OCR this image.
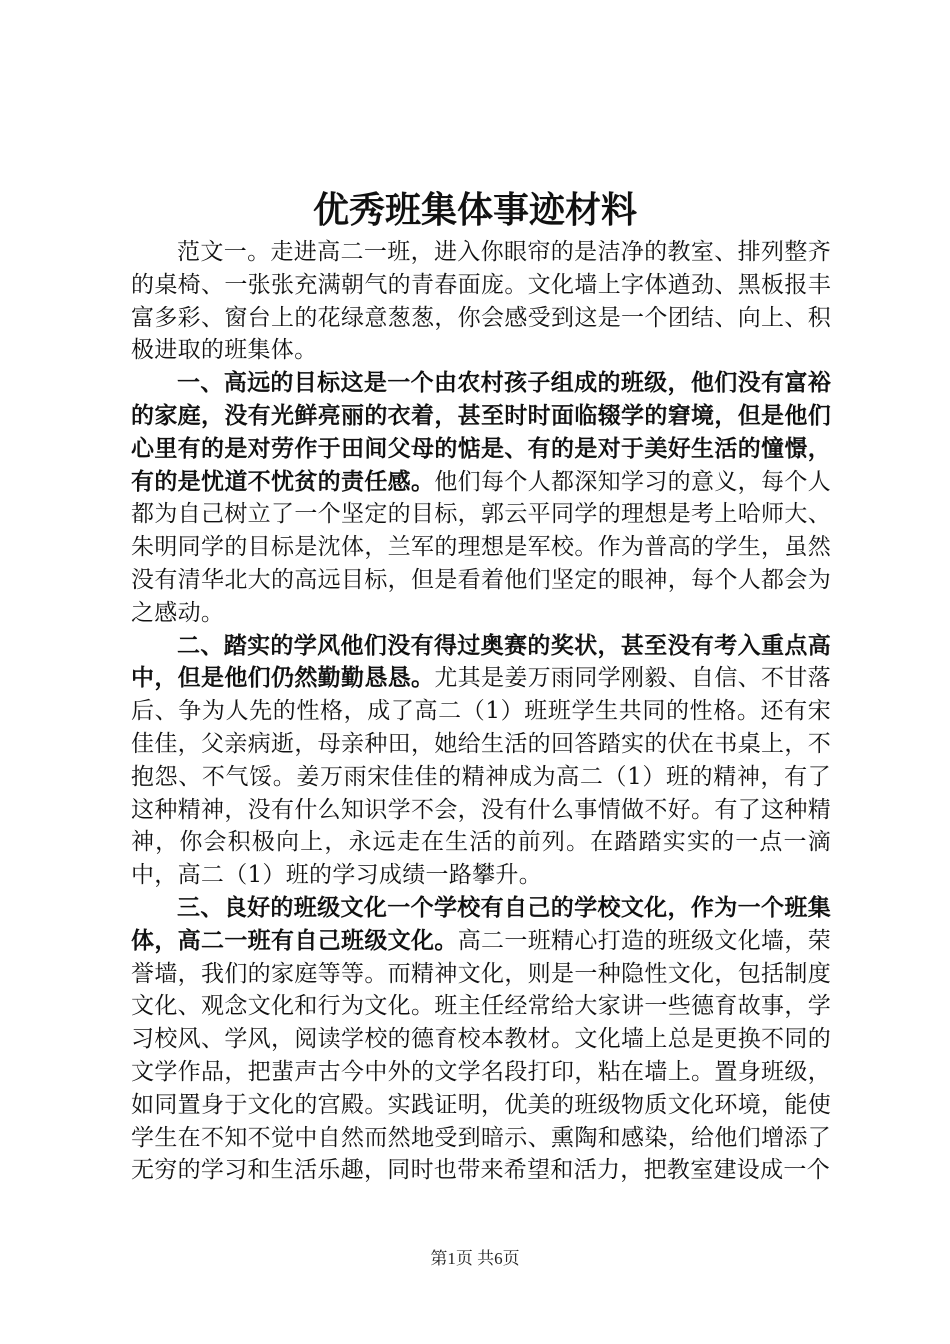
优秀班集体事迹材料

范文一。走进高二一班，进入你眼帘的是洁净的教室、排列整齐的桌椅、一张张充满朝气的青春面庞。文化墙上字体遒劲、黑板报丰富多彩、窗台上的花绿意葱葱，你会感受到这是一个团结、向上、积极进取的班集体。

一、高远的目标这是一个由农村孩子组成的班级，他们没有富裕的家庭，没有光鲜亮丽的衣着，甚至时时面临辍学的窘境，但是他们心里有的是对劳作于田间父母的惦是、有的是对于美好生活的憧憬，有的是忧道不忧贫的责任感。他们每个人都深知学习的意义，每个人都为自己树立了一个坚定的目标，郭云平同学的理想是考上哈师大、朱明同学的目标是沈体，兰军的理想是军校。作为普高的学生，虽然没有清华北大的高远目标，但是看着他们坚定的眼神，每个人都会为之感动。

二、踏实的学风他们没有得过奥赛的奖状，甚至没有考入重点高中，但是他们仍然勤勤恳恳。尤其是姜万雨同学刚毅、自信、不甘落后、争为人先的性格，成了高二（1）班班学生共同的性格。还有宋佳佳，父亲病逝，母亲种田，她给生活的回答踏实的伏在书桌上，不抱怨、不气馁。姜万雨宋佳佳的精神成为高二（1）班的精神，有了这种精神，没有什么知识学不会，没有什么事情做不好。有了这种精神，你会积极向上，永远走在生活的前列。在踏踏实实的一点一滴中，高二（1）班的学习成绩一路攀升。

三、良好的班级文化一个学校有自己的学校文化，作为一个班集体，高二一班有自己班级文化。高二一班精心打造的班级文化墙，荣誉墙，我们的家庭等等。而精神文化，则是一种隐性文化，包括制度文化、观念文化和行为文化。班主任经常给大家讲一些德育故事，学习校风、学风，阅读学校的德育校本教材。文化墙上总是更换不同的文学作品，把蜚声古今中外的文学名段打印，粘在墙上。置身班级，如同置身于文化的宫殿。实践证明，优美的班级物质文化环境，能使学生在不知不觉中自然而然地受到暗示、熏陶和感染，给他们增添了无穷的学习和生活乐趣，同时也带来希望和活力，把教室建设成一个

第1页 共6页
